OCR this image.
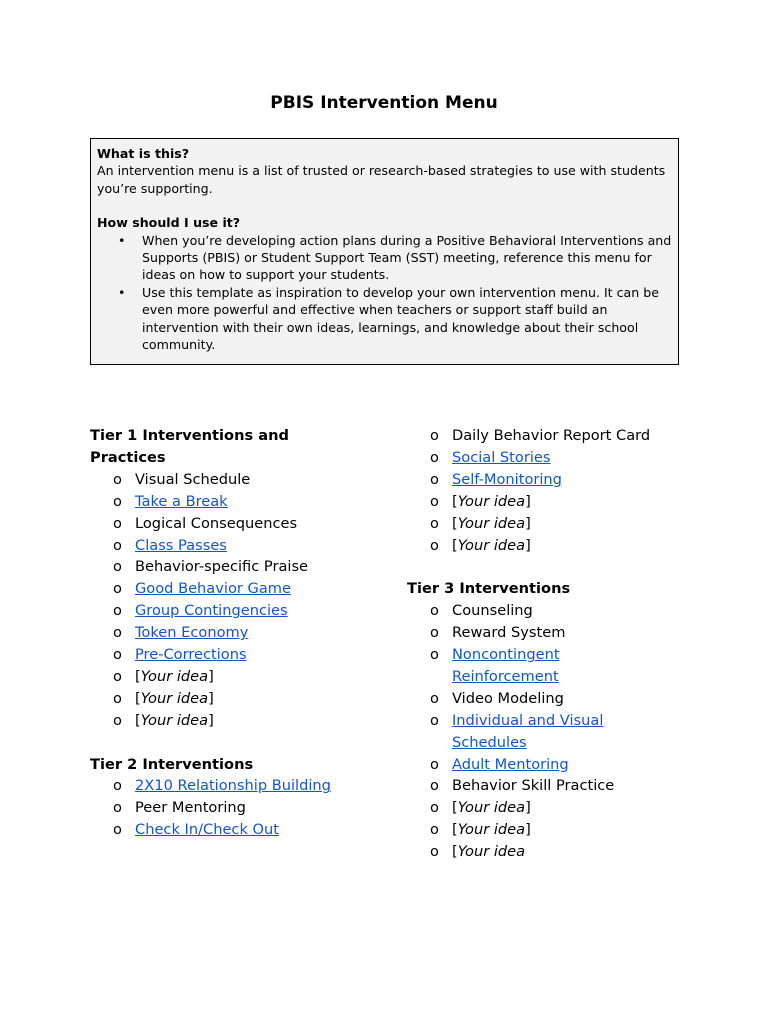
PBIS Intervention Menu
What is this?
An intervention menu is a list of trusted or research-based strategies to use with students you’re supporting.
How should I use it?
• When you’re developing action plans during a Positive Behavioral Interventions and Supports (PBIS) or Student Support Team (SST) meeting, reference this menu for ideas on how to support your students.
• Use this template as inspiration to develop your own intervention menu. It can be even more powerful and effective when teachers or support staff build an intervention with their own ideas, learnings, and knowledge about their school community.
Tier 1 Interventions and Practices
o Visual Schedule
o Take a Break
o Logical Consequences
o Class Passes
o Behavior-specific Praise
o Good Behavior Game
o Group Contingencies
o Token Economy
o Pre-Corrections
o [Your idea]
o [Your idea]
o [Your idea]
Tier 2 Interventions
o 2X10 Relationship Building
o Peer Mentoring
o Check In/Check Out
o Daily Behavior Report Card
o Social Stories
o Self-Monitoring
o [Your idea]
o [Your idea]
o [Your idea]
Tier 3 Interventions
o Counseling
o Reward System
o Noncontingent
Reinforcement
o Video Modeling
o Individual and Visual
Schedules
o Adult Mentoring
o Behavior Skill Practice
o [Your idea]
o [Your idea]
o [Your idea
